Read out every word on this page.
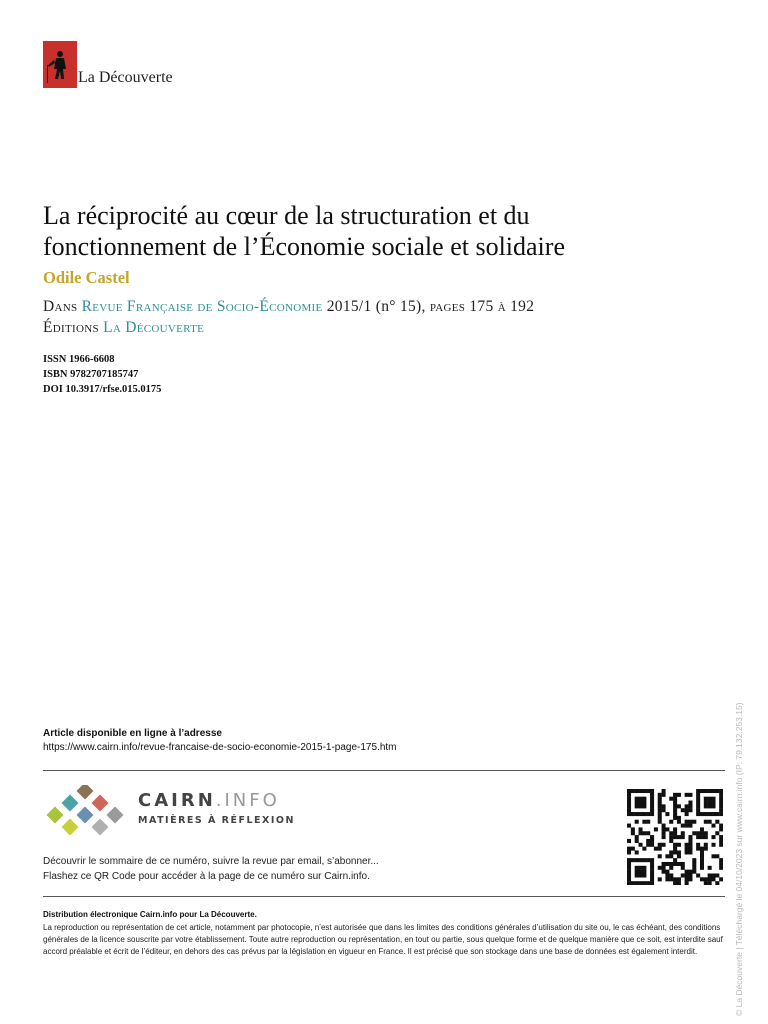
La Découverte
La réciprocité au cœur de la structuration et du fonctionnement de l’Économie sociale et solidaire
Odile Castel
Dans Revue Française de Socio-Économie 2015/1 (n° 15), pages 175 à 192
Éditions La Découverte
ISSN 1966-6608
ISBN 9782707185747
DOI 10.3917/rfse.015.0175
Article disponible en ligne à l’adresse
https://www.cairn.info/revue-francaise-de-socio-economie-2015-1-page-175.htm
CAIRN.INFO
MATIÈRES À RÉFLEXION
Découvrir le sommaire de ce numéro, suivre la revue par email, s’abonner...
Flashez ce QR Code pour accéder à la page de ce numéro sur Cairn.info.
Distribution électronique Cairn.info pour La Découverte.
La reproduction ou représentation de cet article, notamment par photocopie, n’est autorisée que dans les limites des conditions générales d’utilisation du site ou, le cas échéant, des conditions générales de la licence souscrite par votre établissement. Toute autre reproduction ou représentation, en tout ou partie, sous quelque forme et de quelque manière que ce soit, est interdite sauf accord préalable et écrit de l’éditeur, en dehors des cas prévus par la législation en vigueur en France. Il est précisé que son stockage dans une base de données est également interdit.	© La Découverte | Téléchargé le 04/10/2023 sur www.cairn.info (IP: 79.132.253.15)
